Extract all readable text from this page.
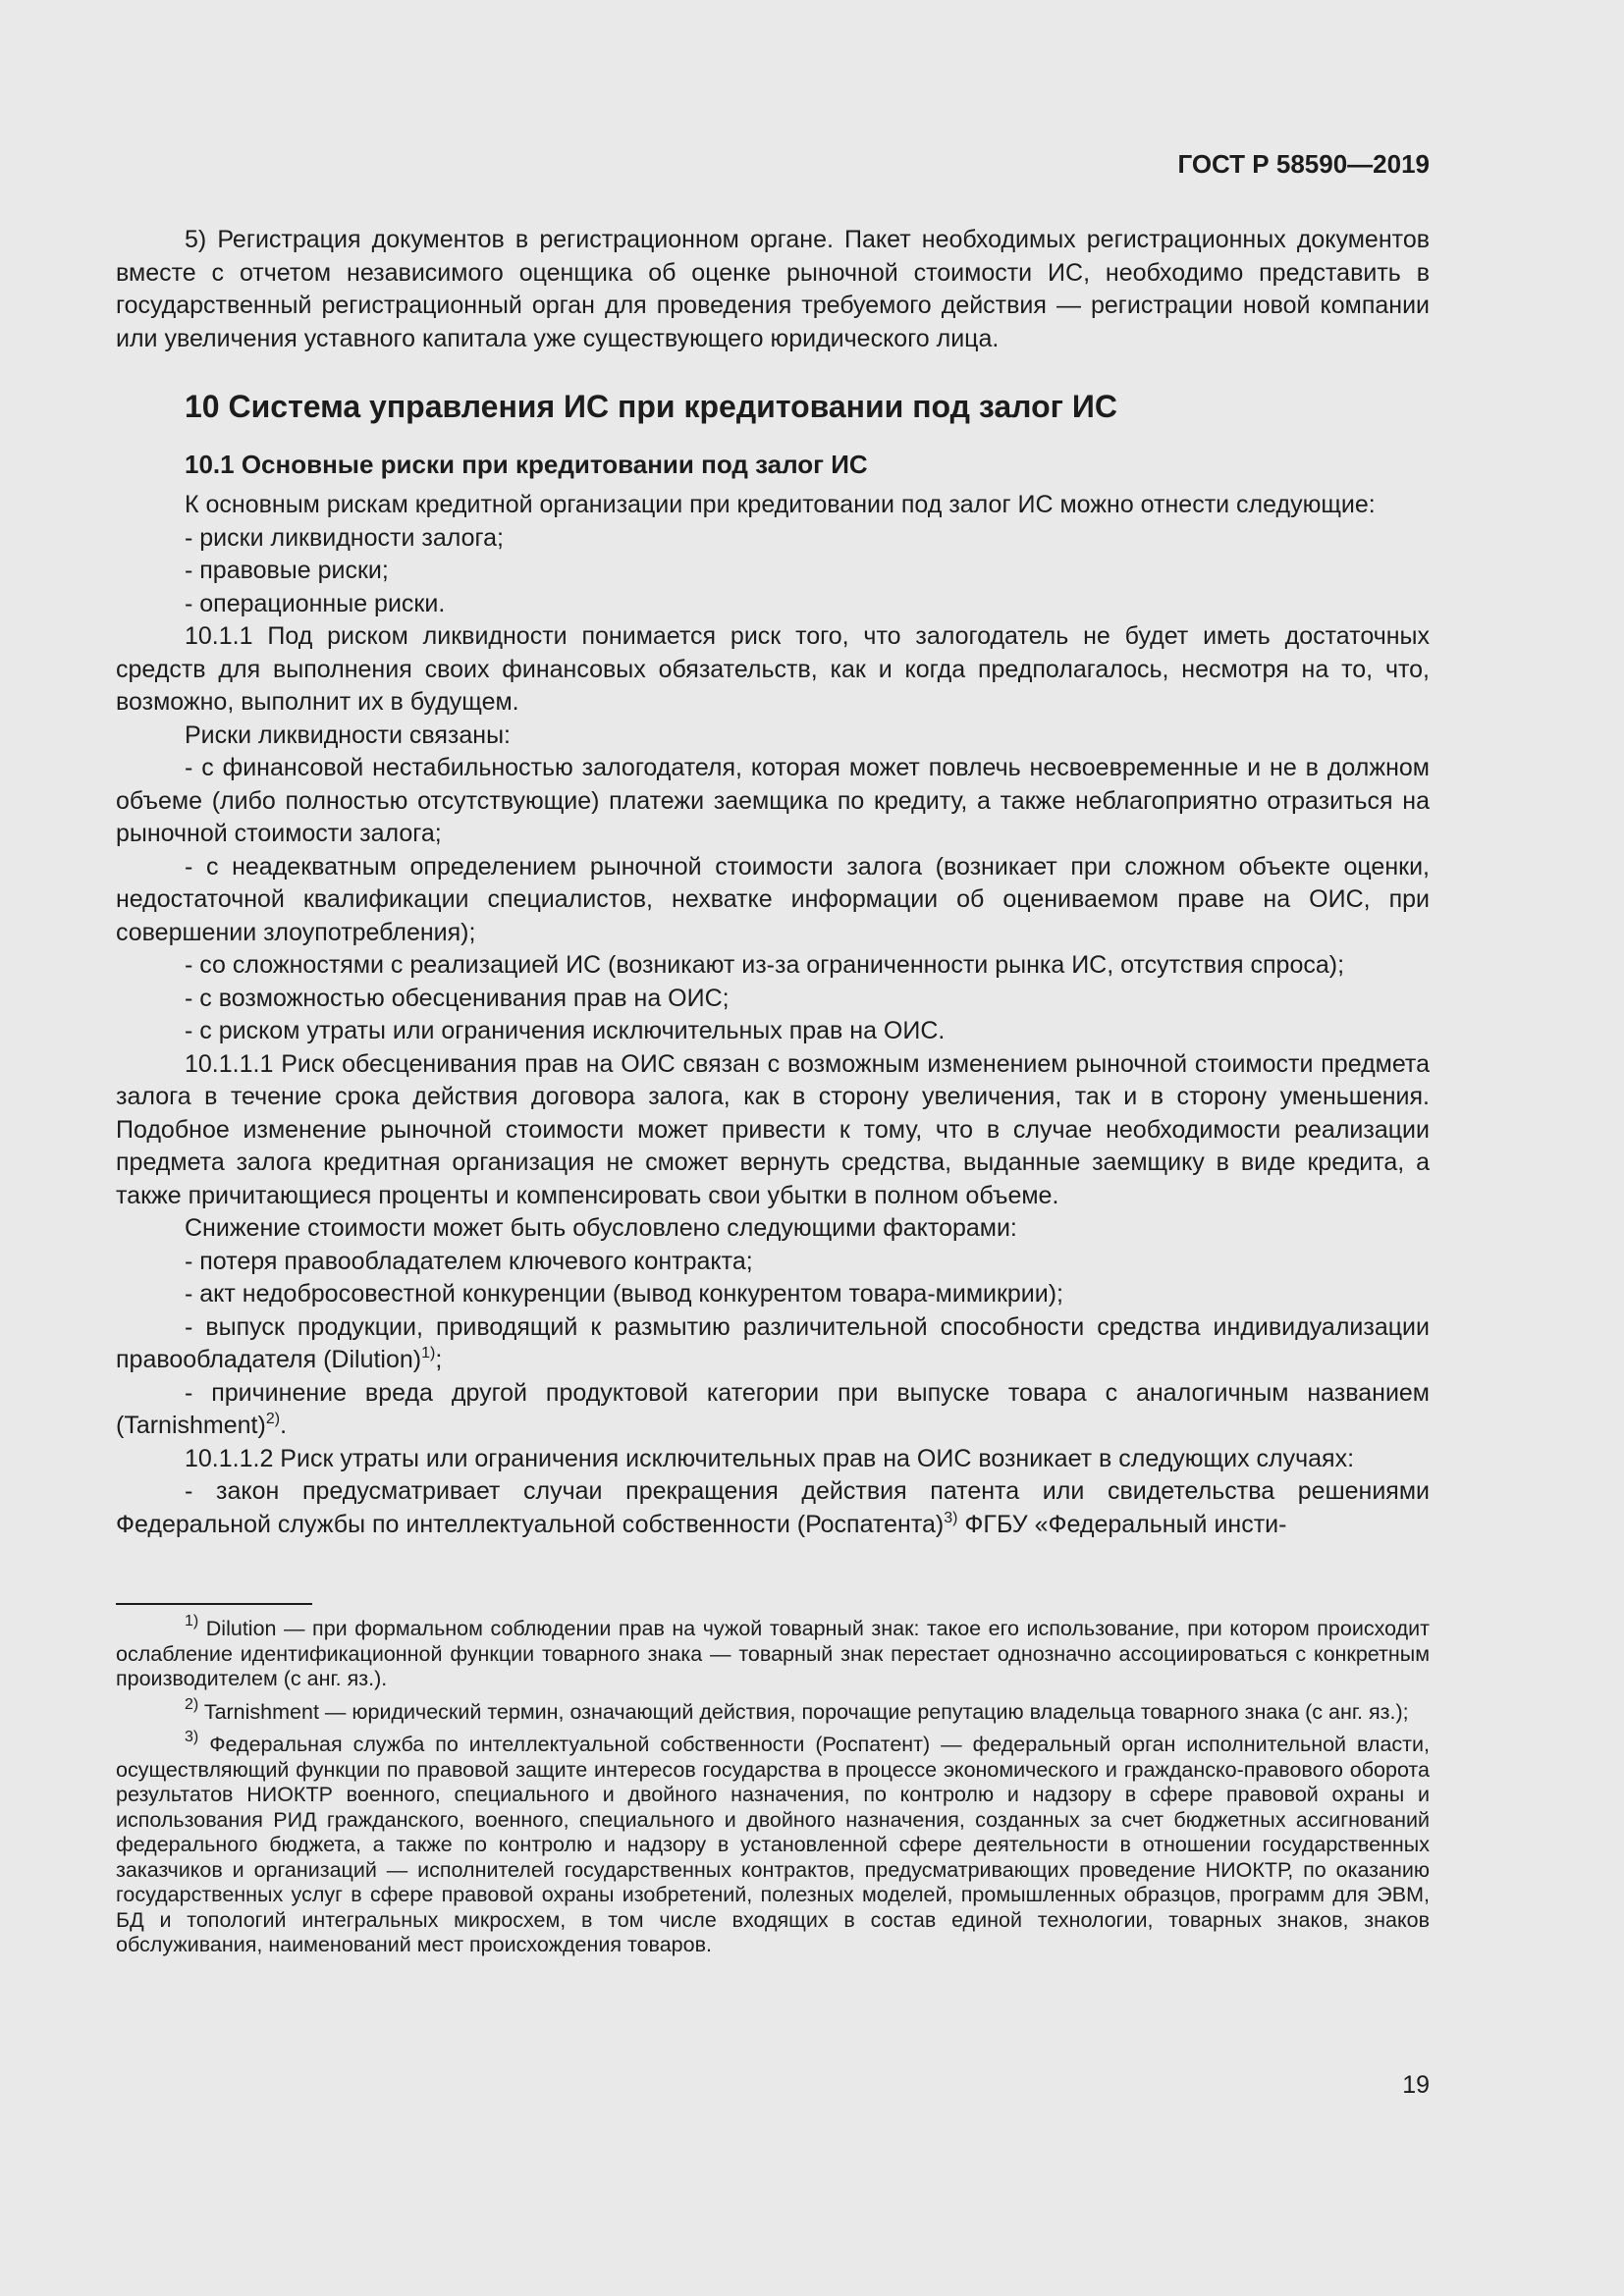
ГОСТ Р 58590—2019

5) Регистрация документов в регистрационном органе. Пакет необходимых регистрационных документов вместе с отчетом независимого оценщика об оценке рыночной стоимости ИС, необходимо представить в государственный регистрационный орган для проведения требуемого действия — регистрации новой компании или увеличения уставного капитала уже существующего юридического лица.

10 Система управления ИС при кредитовании под залог ИС
10.1 Основные риски при кредитовании под залог ИС

К основным рискам кредитной организации при кредитовании под залог ИС можно отнести следующие:

- риски ликвидности залога;

- правовые риски;

- операционные риски.

10.1.1 Под риском ликвидности понимается риск того, что залогодатель не будет иметь достаточных средств для выполнения своих финансовых обязательств, как и когда предполагалось, несмотря на то, что, возможно, выполнит их в будущем.

Риски ликвидности связаны:

- с финансовой нестабильностью залогодателя, которая может повлечь несвоевременные и не в должном объеме (либо полностью отсутствующие) платежи заемщика по кредиту, а также неблагоприятно отразиться на рыночной стоимости залога;

- с неадекватным определением рыночной стоимости залога (возникает при сложном объекте оценки, недостаточной квалификации специалистов, нехватке информации об оцениваемом праве на ОИС, при совершении злоупотребления);

- со сложностями с реализацией ИС (возникают из-за ограниченности рынка ИС, отсутствия спроса);

- с возможностью обесценивания прав на ОИС;

- с риском утраты или ограничения исключительных прав на ОИС.

10.1.1.1 Риск обесценивания прав на ОИС связан с возможным изменением рыночной стоимости предмета залога в течение срока действия договора залога, как в сторону увеличения, так и в сторону уменьшения. Подобное изменение рыночной стоимости может привести к тому, что в случае необходимости реализации предмета залога кредитная организация не сможет вернуть средства, выданные заемщику в виде кредита, а также причитающиеся проценты и компенсировать свои убытки в полном объеме.

Снижение стоимости может быть обусловлено следующими факторами:

- потеря правообладателем ключевого контракта;

- акт недобросовестной конкуренции (вывод конкурентом товара-мимикрии);

- выпуск продукции, приводящий к размытию различительной способности средства индивидуализации правообладателя (Dilution)$^{1)}$;

- причинение вреда другой продуктовой категории при выпуске товара с аналогичным названием (Tarnishment)$^{2)}$.

10.1.1.2 Риск утраты или ограничения исключительных прав на ОИС возникает в следующих случаях:

- закон предусматривает случаи прекращения действия патента или свидетельства решениями Федеральной службы по интеллектуальной собственности (Роспатента)$^{3)}$ ФГБУ «Федеральный инсти-

$^{1)}$ Dilution — при формальном соблюдении прав на чужой товарный знак: такое его использование, при котором происходит ослабление идентификационной функции товарного знака — товарный знак перестает однозначно ассоциироваться с конкретным производителем (с анг. яз.).

$^{2)}$ Tarnishment — юридический термин, означающий действия, порочащие репутацию владельца товарного знака (с анг. яз.);

$^{3)}$ Федеральная служба по интеллектуальной собственности (Роспатент) — федеральный орган исполнительной власти, осуществляющий функции по правовой защите интересов государства в процессе экономического и гражданско-правового оборота результатов НИОКТР военного, специального и двойного назначения, по контролю и надзору в сфере правовой охраны и использования РИД гражданского, военного, специального и двойного назначения, созданных за счет бюджетных ассигнований федерального бюджета, а также по контролю и надзору в установленной сфере деятельности в отношении государственных заказчиков и организаций — исполнителей государственных контрактов, предусматривающих проведение НИОКТР, по оказанию государственных услуг в сфере правовой охраны изобретений, полезных моделей, промышленных образцов, программ для ЭВМ, БД и топологий интегральных микросхем, в том числе входящих в состав единой технологии, товарных знаков, знаков обслуживания, наименований мест происхождения товаров.

19
